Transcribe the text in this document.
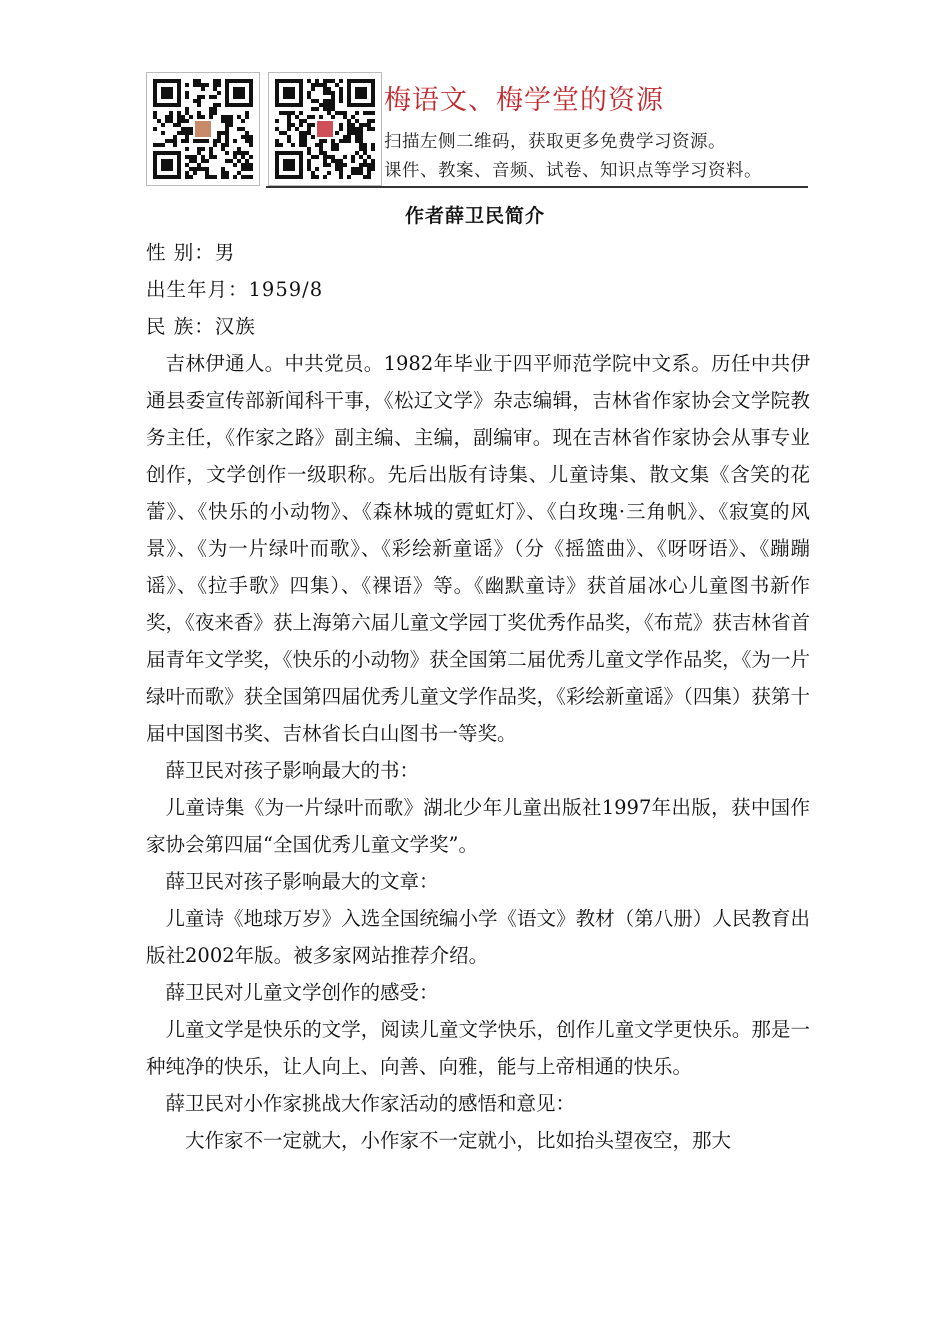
梅语文、梅学堂的资源
扫描左侧二维码，获取更多免费学习资源。
课件、教案、音频、试卷、知识点等学习资料。
作者薛卫民简介

性 别：男

出生年月：1959/8

民 族：汉族

吉林伊通人。中共党员。1982年毕业于四平师范学院中文系。历任中共伊通县委宣传部新闻科干事，《松辽文学》杂志编辑，吉林省作家协会文学院教务主任，《作家之路》副主编、主编，副编审。现在吉林省作家协会从事专业创作，文学创作一级职称。先后出版有诗集、儿童诗集、散文集《含笑的花蕾》、《快乐的小动物》、《森林城的霓虹灯》、《白玫瑰·三角帆》、《寂寞的风景》、《为一片绿叶而歌》、《彩绘新童谣》（分《摇篮曲》、《呀呀语》、《蹦蹦谣》、《拉手歌》四集）、《裸语》等。《幽默童诗》获首届冰心儿童图书新作奖，《夜来香》获上海第六届儿童文学园丁奖优秀作品奖，《布荒》获吉林省首届青年文学奖，《快乐的小动物》获全国第二届优秀儿童文学作品奖，《为一片绿叶而歌》获全国第四届优秀儿童文学作品奖，《彩绘新童谣》（四集）获第十届中国图书奖、吉林省长白山图书一等奖。

薛卫民对孩子影响最大的书：

儿童诗集《为一片绿叶而歌》湖北少年儿童出版社1997年出版，获中国作家协会第四届“全国优秀儿童文学奖”。

薛卫民对孩子影响最大的文章：

儿童诗《地球万岁》入选全国统编小学《语文》教材（第八册）人民教育出版社2002年版。被多家网站推荐介绍。

薛卫民对儿童文学创作的感受：

儿童文学是快乐的文学，阅读儿童文学快乐，创作儿童文学更快乐。那是一种纯净的快乐，让人向上、向善、向雅，能与上帝相通的快乐。

薛卫民对小作家挑战大作家活动的感悟和意见：

大作家不一定就大，小作家不一定就小，比如抬头望夜空，那大
